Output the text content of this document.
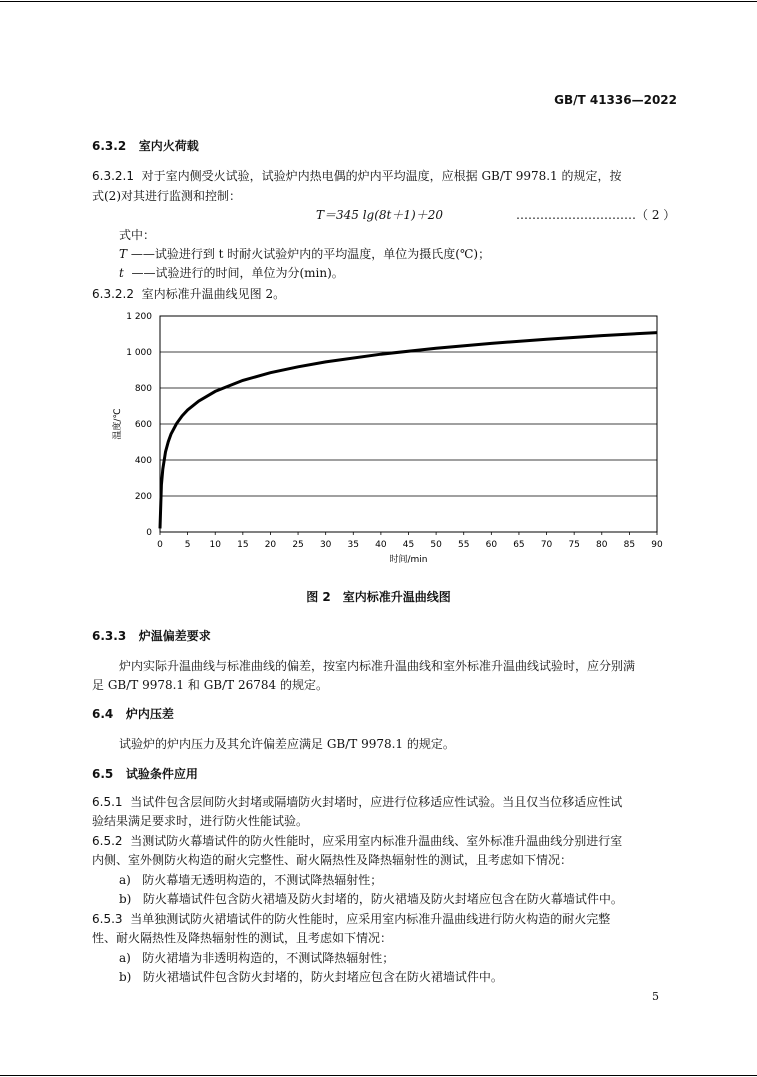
GB/T 41336—2022
6.3.2 室内火荷载
6.3.2.1 对于室内侧受火试验，试验炉内热电偶的炉内平均温度，应根据 GB/T 9978.1 的规定，按
式(2)对其进行监测和控制：
T＝345 lg(8t＋1)＋20	…………………………（ 2 ）
式中：
T ——试验进行到 t 时耐火试验炉内的平均温度，单位为摄氏度(℃)；
t ——试验进行的时间，单位为分(min)。
6.3.2.2 室内标准升温曲线见图 2。
0
200
400
600
800
1 000
1 200
0 5 10 15 20 25 30 35 40 45 50 55 60 65 70 75 80 85 90
温度/℃
时间/min
图 2　室内标准升温曲线图
6.3.3 炉温偏差要求
炉内实际升温曲线与标准曲线的偏差，按室内标准升温曲线和室外标准升温曲线试验时，应分别满
足 GB/T 9978.1 和 GB/T 26784 的规定。
6.4 炉内压差
试验炉的炉内压力及其允许偏差应满足 GB/T 9978.1 的规定。
6.5 试验条件应用
6.5.1 当试件包含层间防火封堵或隔墙防火封堵时，应进行位移适应性试验。当且仅当位移适应性试
验结果满足要求时，进行防火性能试验。
6.5.2 当测试防火幕墙试件的防火性能时，应采用室内标准升温曲线、室外标准升温曲线分别进行室
内侧、室外侧防火构造的耐火完整性、耐火隔热性及降热辐射性的测试，且考虑如下情况：
a) 防火幕墙无透明构造的，不测试降热辐射性；
b) 防火幕墙试件包含防火裙墙及防火封堵的，防火裙墙及防火封堵应包含在防火幕墙试件中。
6.5.3 当单独测试防火裙墙试件的防火性能时，应采用室内标准升温曲线进行防火构造的耐火完整
性、耐火隔热性及降热辐射性的测试，且考虑如下情况：
a) 防火裙墙为非透明构造的，不测试降热辐射性；
b) 防火裙墙试件包含防火封堵的，防火封堵应包含在防火裙墙试件中。
5
